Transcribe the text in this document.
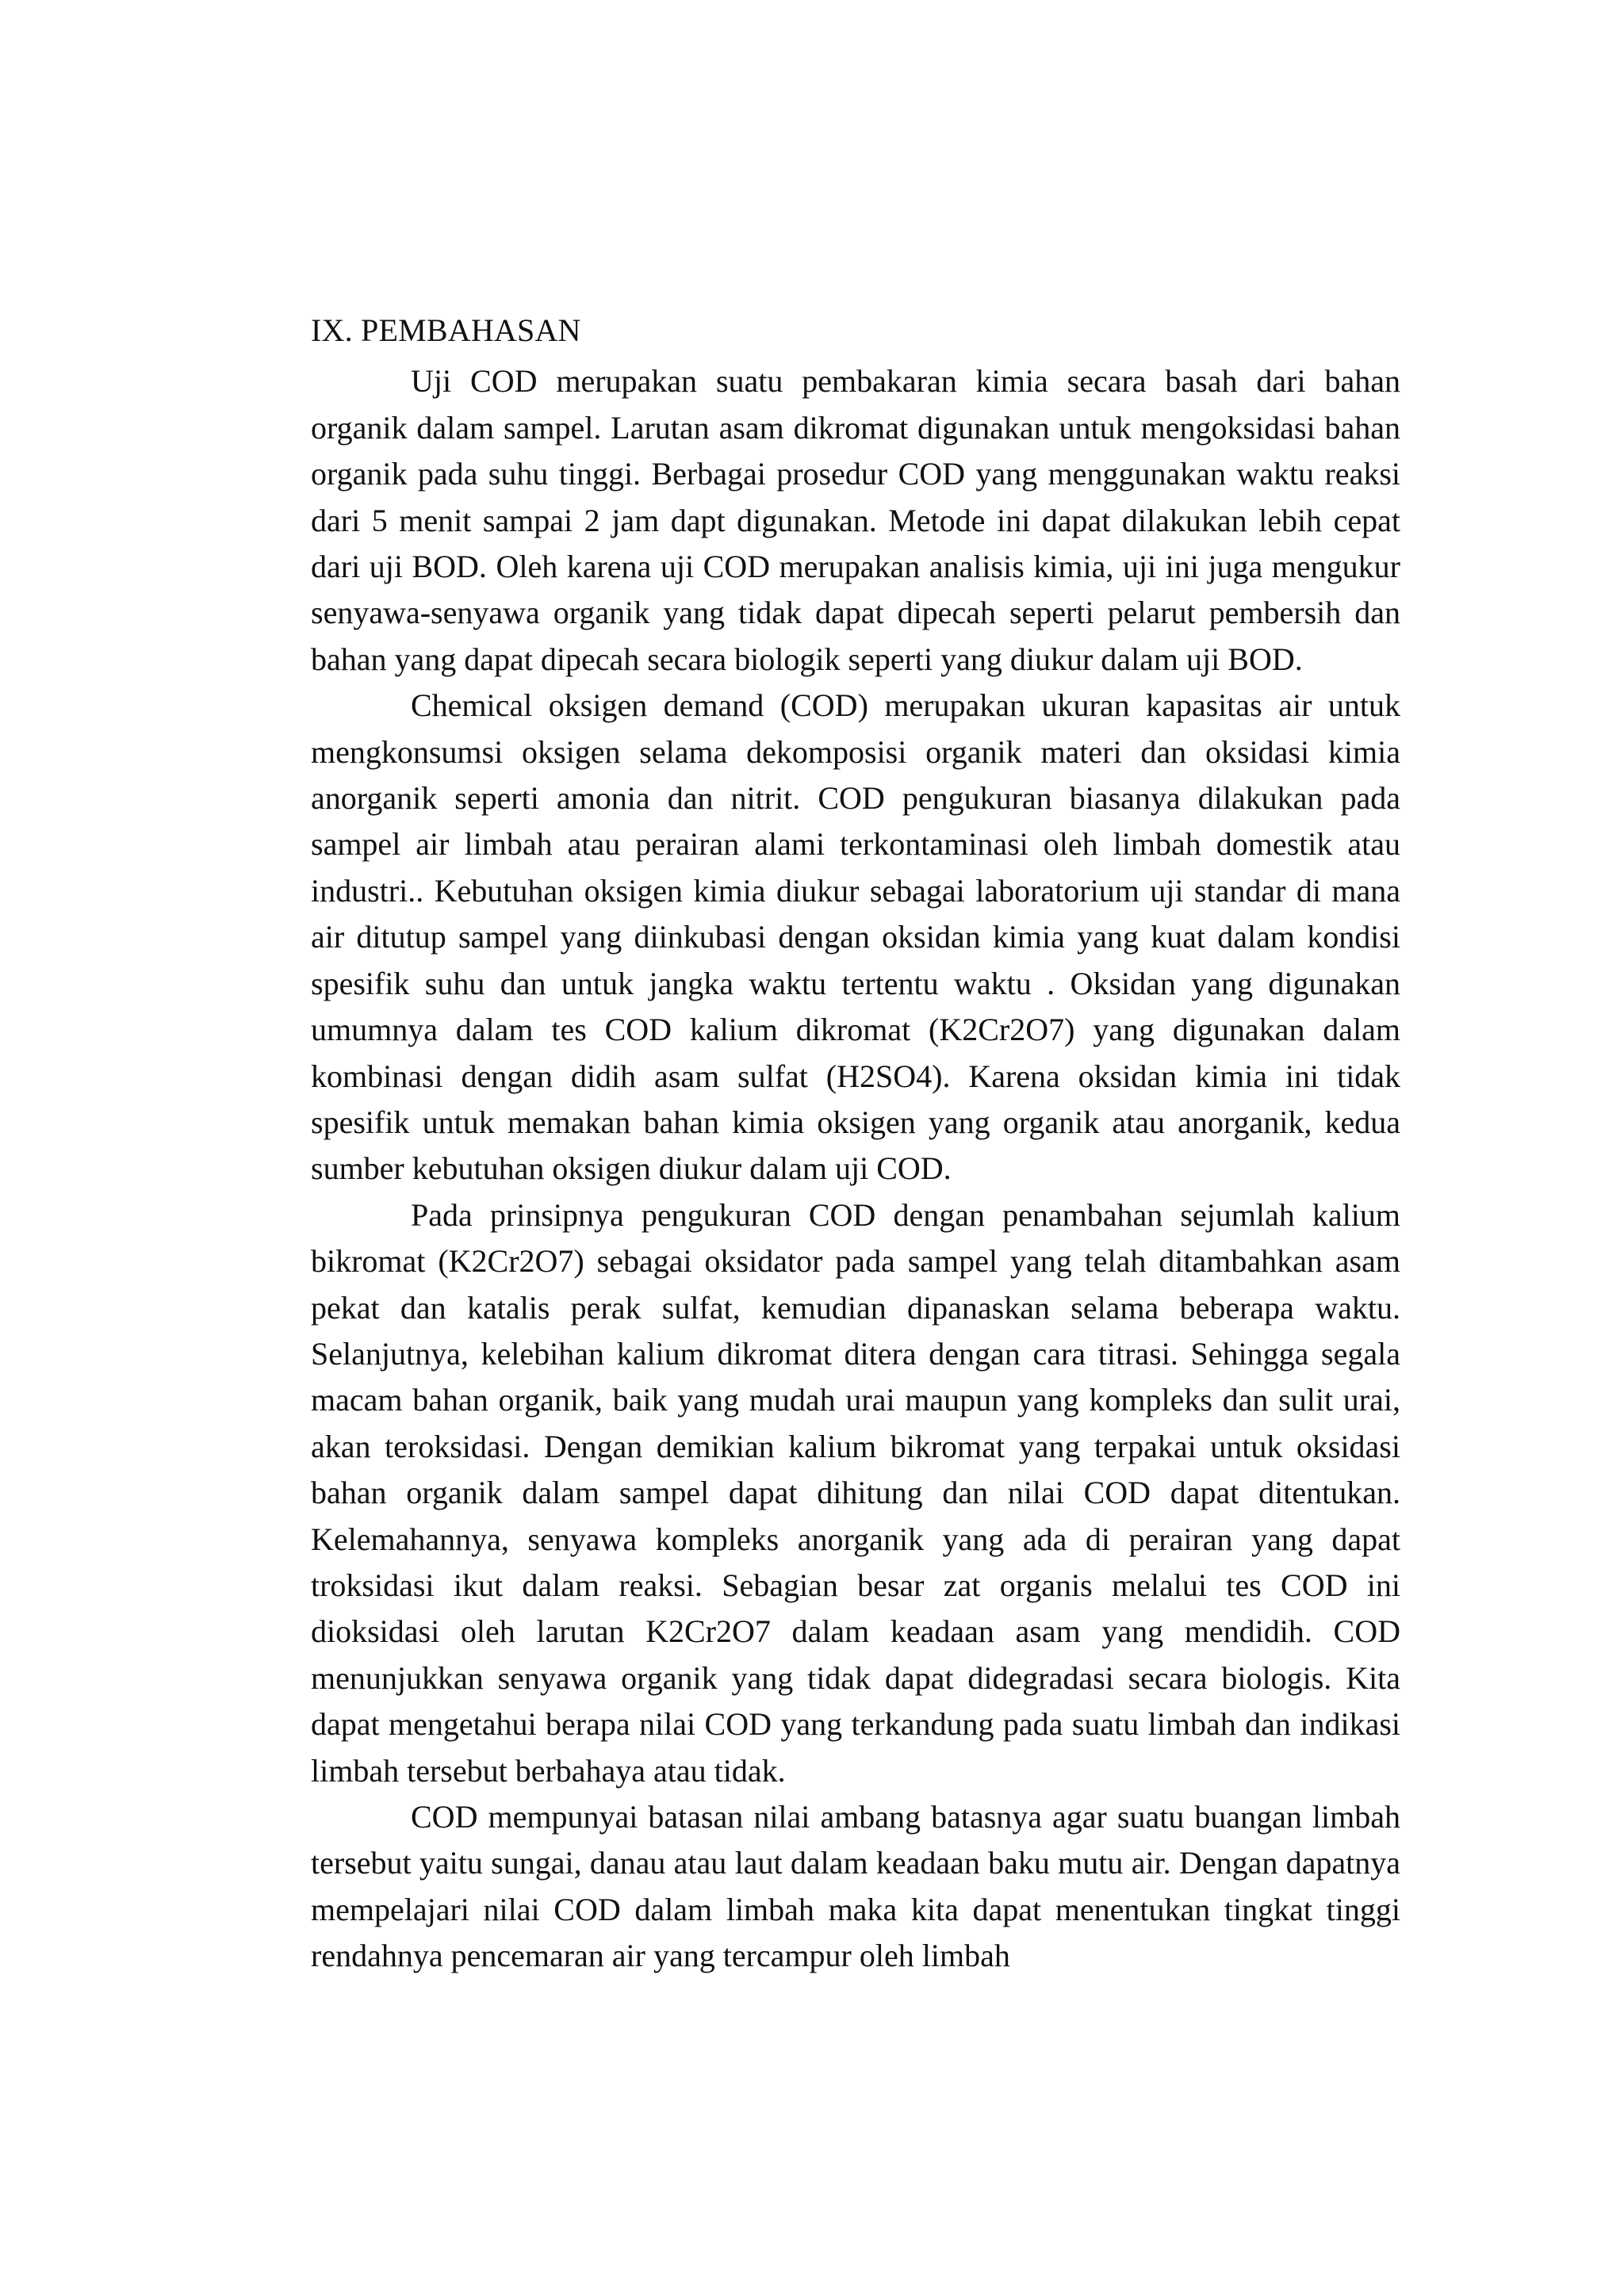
IX. PEMBAHASAN

Uji COD merupakan suatu pembakaran kimia secara basah dari bahan organik dalam sampel. Larutan asam dikromat digunakan untuk mengoksidasi bahan organik pada suhu tinggi. Berbagai prosedur COD yang menggunakan waktu reaksi dari 5 menit sampai 2 jam dapt digunakan. Metode ini dapat dilakukan lebih cepat dari uji BOD. Oleh karena uji COD merupakan analisis kimia, uji ini juga mengukur senyawa-senyawa organik yang tidak dapat dipecah seperti pelarut pembersih dan bahan yang dapat dipecah secara biologik seperti yang diukur dalam uji BOD.

Chemical oksigen demand (COD) merupakan ukuran kapasitas air untuk mengkonsumsi oksigen selama dekomposisi organik materi dan oksidasi kimia anorganik seperti amonia dan nitrit. COD pengukuran biasanya dilakukan pada sampel air limbah atau perairan alami terkontaminasi oleh limbah domestik atau industri.. Kebutuhan oksigen kimia diukur sebagai laboratorium uji standar di mana air ditutup sampel yang diinkubasi dengan oksidan kimia yang kuat dalam kondisi spesifik suhu dan untuk jangka waktu tertentu waktu . Oksidan yang digunakan umumnya dalam tes COD kalium dikromat (K2Cr2O7) yang digunakan dalam kombinasi dengan didih asam sulfat (H2SO4). Karena oksidan kimia ini tidak spesifik untuk memakan bahan kimia oksigen yang organik atau anorganik, kedua sumber kebutuhan oksigen diukur dalam uji COD.

Pada prinsipnya pengukuran COD dengan penambahan sejumlah kalium bikromat (K2Cr2O7) sebagai oksidator pada sampel yang telah ditambahkan asam pekat dan katalis perak sulfat, kemudian dipanaskan selama beberapa waktu. Selanjutnya, kelebihan kalium dikromat ditera dengan cara titrasi. Sehingga segala macam bahan organik, baik yang mudah urai maupun yang kompleks dan sulit urai, akan teroksidasi. Dengan demikian kalium bikromat yang terpakai untuk oksidasi bahan organik dalam sampel dapat dihitung dan nilai COD dapat ditentukan. Kelemahannya, senyawa kompleks anorganik yang ada di perairan yang dapat troksidasi ikut dalam reaksi. Sebagian besar zat organis melalui tes COD ini dioksidasi oleh larutan K2Cr2O7 dalam keadaan asam yang mendidih. COD menunjukkan senyawa organik yang tidak dapat didegradasi secara biologis. Kita dapat mengetahui berapa nilai COD yang terkandung pada suatu limbah dan indikasi limbah tersebut berbahaya atau tidak.

COD mempunyai batasan nilai ambang batasnya agar suatu buangan limbah tersebut yaitu sungai, danau atau laut dalam keadaan baku mutu air. Dengan dapatnya mempelajari nilai COD dalam limbah maka kita dapat menentukan tingkat tinggi rendahnya pencemaran air yang tercampur oleh limbah
